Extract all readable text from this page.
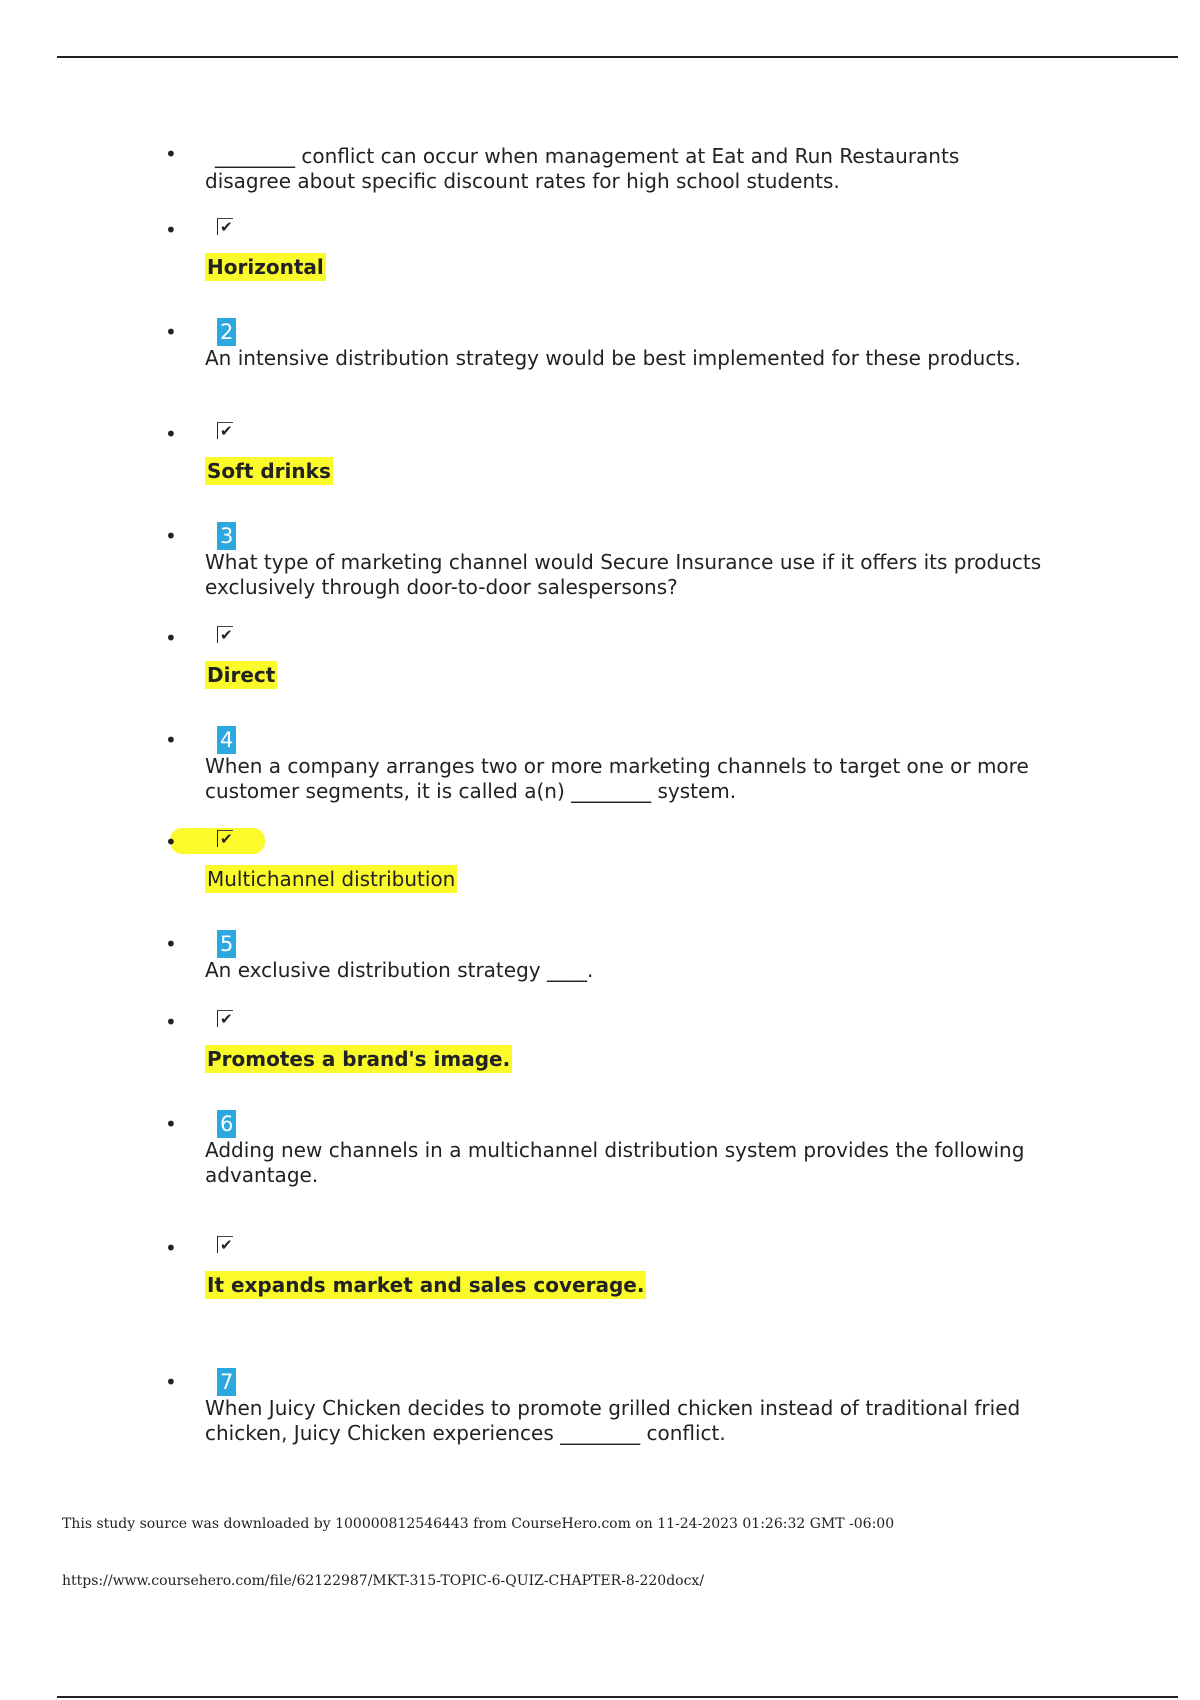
•	________ conflict can occur when management at Eat and Run Restaurants disagree about specific discount rates for high school students.
•
✔
Horizontal
•	2
An intensive distribution strategy would be best implemented for these products.
•
✔
Soft drinks
•	3
What type of marketing channel would Secure Insurance use if it offers its products exclusively through door-to-door salespersons?
•
✔
Direct
•	4
When a company arranges two or more marketing channels to target one or more customer segments, it is called a(n) ________ system.
•
✔
Multichannel distribution
•	5
An exclusive distribution strategy ____.
•
✔
Promotes a brand's image.
•	6
Adding new channels in a multichannel distribution system provides the following advantage.
•
✔
It expands market and sales coverage.
•	7
When Juicy Chicken decides to promote grilled chicken instead of traditional fried chicken, Juicy Chicken experiences ________ conflict.
This study source was downloaded by 100000812546443 from CourseHero.com on 11-24-2023 01:26:32 GMT -06:00
https://www.coursehero.com/file/62122987/MKT-315-TOPIC-6-QUIZ-CHAPTER-8-220docx/
